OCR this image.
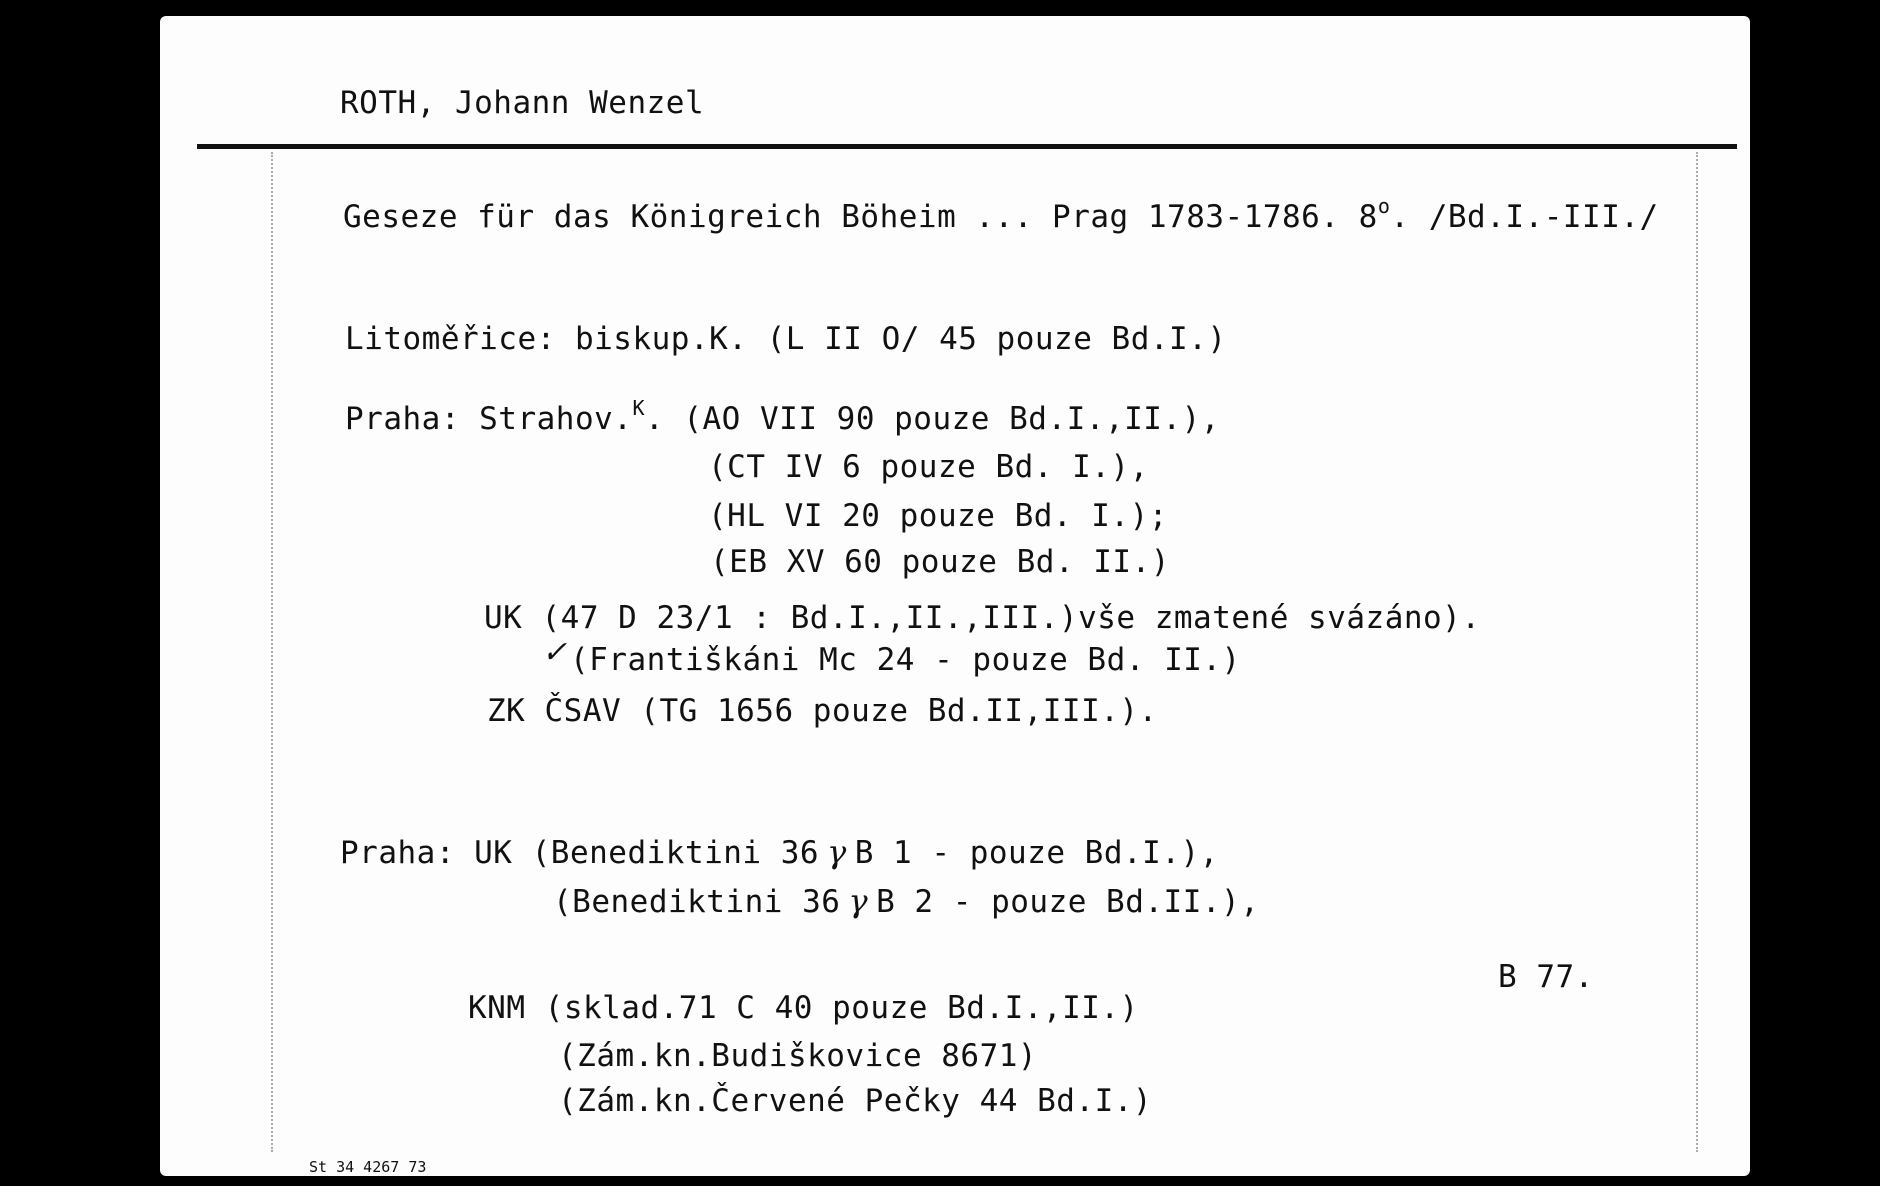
ROTH, Johann Wenzel
Geseze für das Königreich Böheim ... Prag 1783-1786. 8$^o$. /Bd.I.-III./
Litoměřice: biskup.K. (L II O/ 45 pouze Bd.I.)
Praha: Strahov.$^K$. (AO VII 90 pouze Bd.I.,II.),
(CT IV 6 pouze Bd. I.),
(HL VI 20 pouze Bd. I.);
(EB XV 60 pouze Bd. II.)
UK (47 D 23/1 : Bd.I.,II.,III.)vše zmatené svázáno).
✓ (Františkáni Mc 24 - pouze Bd. II.)
ZK ČSAV (TG 1656 pouze Bd.II,III.).
Praha: UK (Benediktini 36 γ B 1 - pouze Bd.I.),
(Benediktini 36 γ B 2 - pouze Bd.II.),
B 77.
KNM (sklad.71 C 40 pouze Bd.I.,II.)
(Zám.kn.Budiškovice 8671)
(Zám.kn.Červené Pečky 44 Bd.I.)
St 34 4267 73
